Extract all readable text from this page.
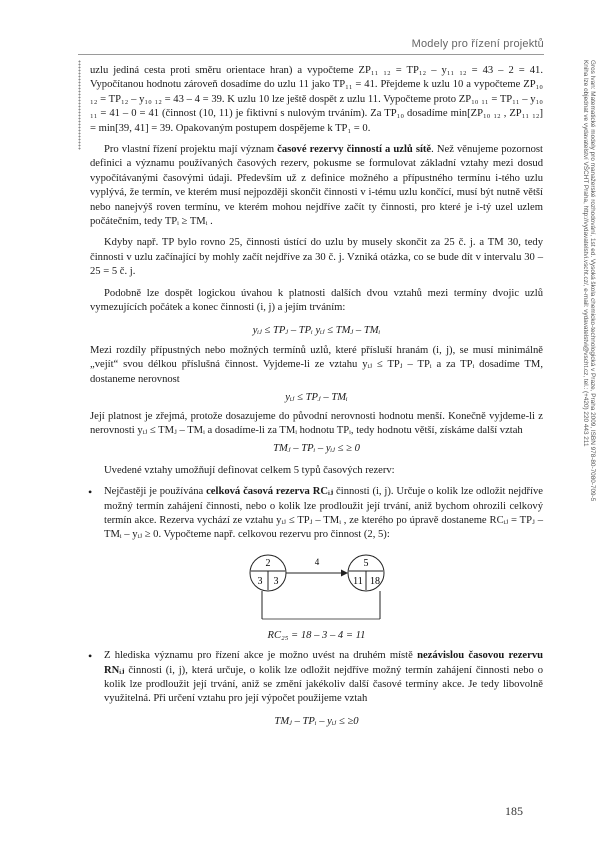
Modely pro řízení projektů

uzlu jediná cesta proti směru orientace hran) a vypočteme ZP₁₁ ₁₂ = TP₁₂ – y₁₁ ₁₂ = 43 – 2 = 41. Vypočítanou hodnotu zároveň dosadíme do uzlu 11 jako TP₁₁ = 41. Přejdeme k uzlu 10 a vypočteme ZP₁₀ ₁₂ = TP₁₂ – y₁₀ ₁₂ = 43 – 4 = 39. K uzlu 10 lze ještě dospět z uzlu 11. Vypočteme proto ZP₁₀ ₁₁ = TP₁₁ – y₁₀ ₁₁ = 41 – 0 = 41 (činnost (10, 11) je fiktivní s nulovým trváním). Za TP₁₀ dosadíme min[ZP₁₀ ₁₂ , ZP₁₁ ₁₂] = min[39, 41] = 39. Opakovaným postupem dospějeme k TP₁ = 0.

Pro vlastní řízení projektu mají význam časové rezervy činností a uzlů sítě. Než věnujeme pozornost definici a významu používaných časových rezerv, pokusme se formulovat základní vztahy mezi dosud vypočítávanými časovými údaji. Především už z definice možného a přípustného termínu i-tého uzlu vyplývá, že termín, ve kterém musí nejpozději skončit činnosti v i-tému uzlu končící, musí být nutně větší nebo nanejvýš roven termínu, ve kterém mohou nejdříve začít ty činnosti, pro které je i-tý uzel uzlem počátečním, tedy TPᵢ ≥ TMᵢ .

Kdyby např. TP bylo rovno 25, činnosti ústící do uzlu by musely skončit za 25 č. j. a TM 30, tedy činnosti v uzlu začínající by mohly začít nejdříve za 30 č. j. Vzniká otázka, co se bude dít v intervalu 30 – 25 = 5 č. j.

Podobně lze dospět logickou úvahou k platnosti dalších dvou vztahů mezi termíny dvojic uzlů vymezujících počátek a konec činnosti (i, j) a jejím trváním:

yᵢⱼ ≤ TPⱼ – TPᵢ yᵢⱼ ≤ TMⱼ – TMᵢ

Mezi rozdíly přípustných nebo možných termínů uzlů, které přísluší hranám (i, j), se musí minimálně „vejít“ svou délkou příslušná činnost. Vyjdeme-li ze vztahu yᵢⱼ ≤ TPⱼ – TPᵢ a za TPᵢ dosadíme TM, dostaneme nerovnost

yᵢⱼ ≤ TPⱼ – TMᵢ

Její platnost je zřejmá, protože dosazujeme do původní nerovnosti hodnotu menší. Konečně vyjdeme-li z nerovnosti yᵢⱼ ≤ TMⱼ – TMᵢ a dosadíme-li za TMᵢ hodnotu TPᵢ, tedy hodnotu větší, získáme další vztah

TMⱼ – TPᵢ – yᵢⱼ ≤ ≥ 0

Uvedené vztahy umožňují definovat celkem 5 typů časových rezerv:

• Nejčastěji je používána celková časová rezerva RCᵢⱼ činnosti (i, j). Určuje o kolik lze odložit nejdříve možný termín zahájení činnosti, nebo o kolik lze prodloužit její trvání, aniž bychom ohrozili celkový termín akce. Rezerva vychází ze vztahu yᵢⱼ ≤ TPⱼ – TMᵢ , ze kterého po úpravě dostaneme RCᵢⱼ = TPⱼ – TMᵢ – yᵢⱼ ≥ 0. Vypočteme např. celkovou rezervu pro činnost (2, 5):

2
3 3
5
11 18
4

RC₂₅ = 18 – 3 – 4 = 11

• Z hlediska významu pro řízení akce je možno uvést na druhém místě nezávislou časovou rezervu RNᵢⱼ činnosti (i, j), která určuje, o kolik lze odložit nejdříve možný termín zahájení činnosti nebo o kolik lze prodloužit její trvání, aniž se změní jakékoliv další časové termíny akce. Je tedy libovolně využitelná. Při určení vztahu pro její výpočet použijeme vztah

TMⱼ – TPᵢ – yᵢⱼ ≤ ≥0

Gros Ivan: Matematické modely pro manažerské rozhodování, 1st ed. Vysoká škola chemicko-technologická v Praze, Praha 2009, ISBN 978-80-7080-709-5
Kniha lze objednat ve vydavatelství VŠCHT Praha, http://vydavatelstvi.vscht.cz/, e-mail: vydavatelstvi@vscht.cz, tel.: (+420) 220 443 211
185
